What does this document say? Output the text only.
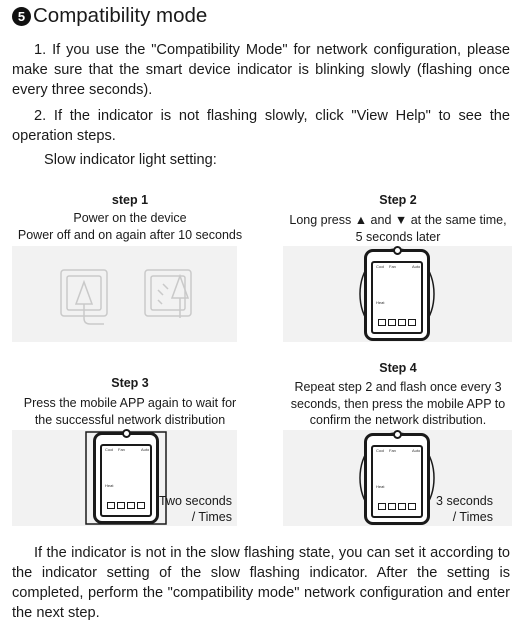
5 Compatibility mode
1. If you use the "Compatibility Mode" for network configuration, please make sure that the smart device indicator is blinking slowly (flashing once every three seconds).
2. If the indicator is not flashing slowly, click "View Help" to see the operation steps.
Slow indicator light setting:
step 1
Power on the device
Power off and on again after 10 seconds
Step 2
Long press ▲ and ▼ at the same time,
5 seconds later
Cool Fan	Auto
Heat
Step 3
Press the mobile APP again to wait for
the successful network distribution
Cool Fan	Auto
Heat
Two seconds
/ Times
Step 4
Repeat step 2 and flash once every 3
seconds, then press the mobile APP to
confirm the network distribution.
Cool Fan	Auto
Heat
3 seconds
/ Times
If the indicator is not in the slow flashing state, you can set it according to the indicator setting of the slow flashing indicator. After the setting is completed, perform the "compatibility mode" network configuration and enter the next step.
